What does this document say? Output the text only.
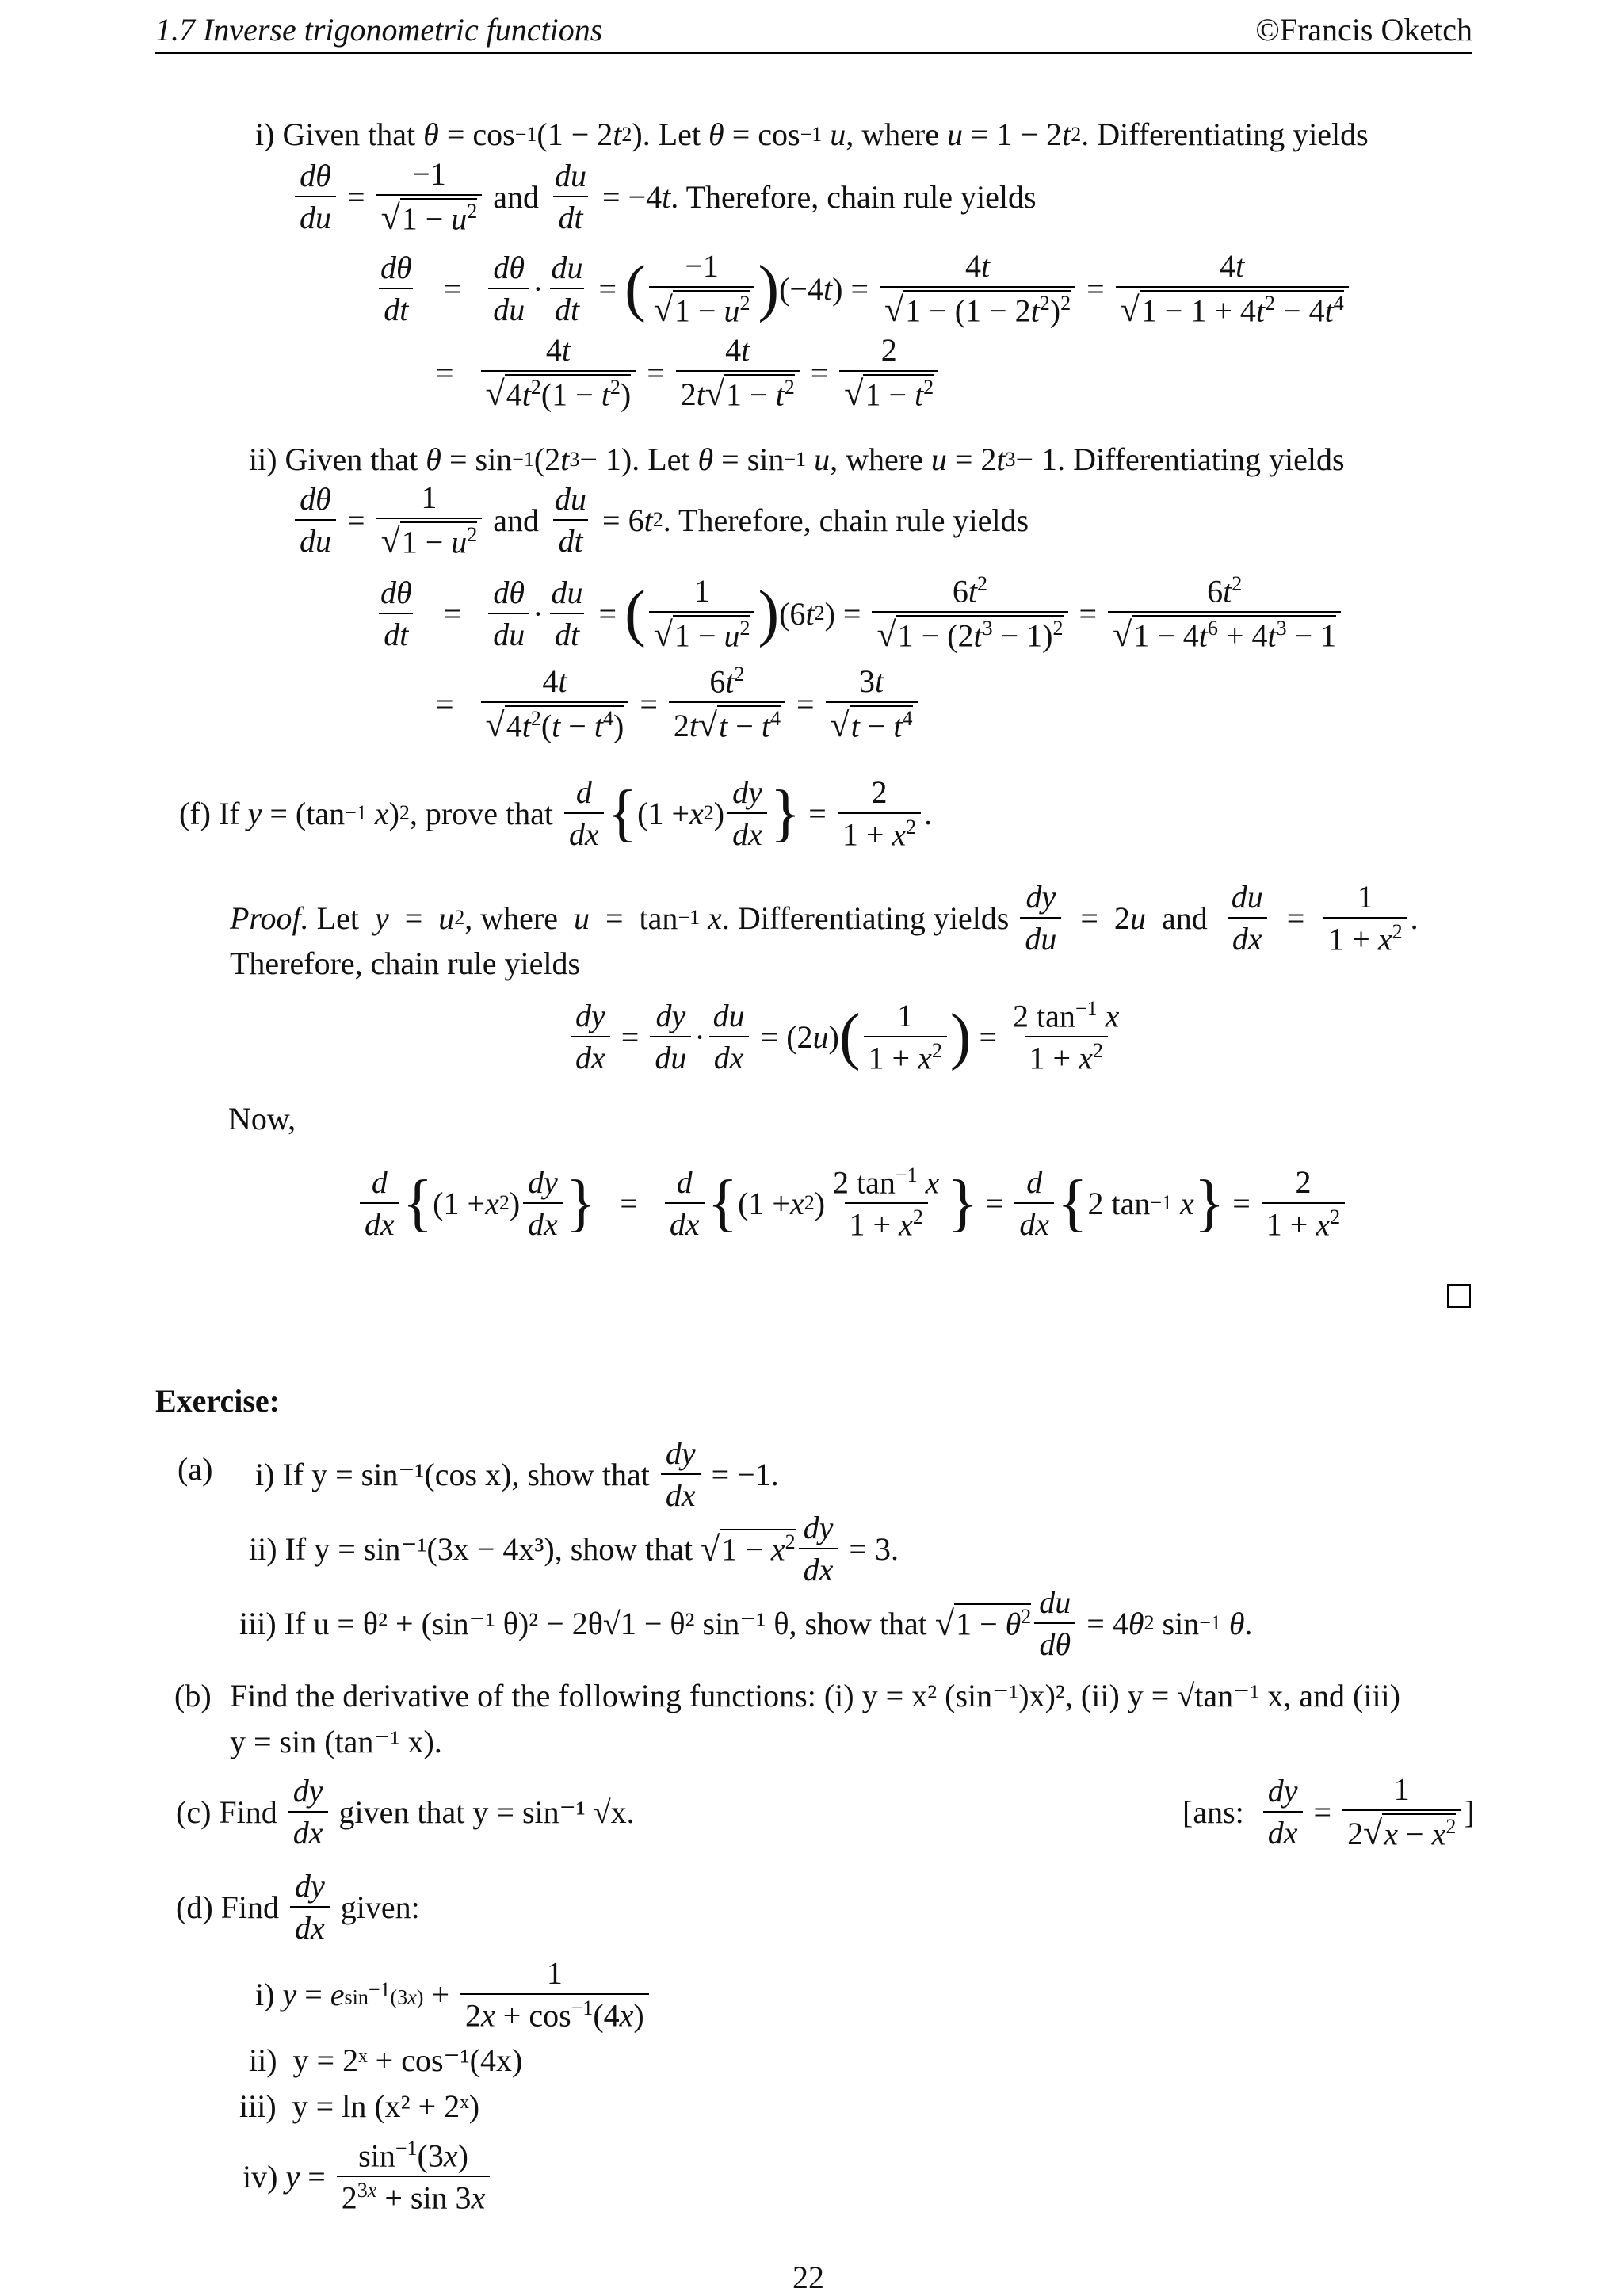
1.7 Inverse trigonometric functions	©Francis Oketch
i)
Given that
θ = cos −1 (1 − 2 t 2 ) . Let
θ = cos −1
u , where
u = 1 − 2 t 2 . Differentiating yields
$\frac{d\theta}{du} = \frac{-1}{√1 - u^2}$
and
$\frac{du}{dt} = -4$ t . Therefore, chain rule yields
$\frac{d\theta}{dt} = \frac{d\theta}{du} \cdot \frac{du}{dt}$ = ( $\frac{-1}{√1 - u^2}$ ) (−4 t ) = $\frac{4t}{√1 - (1 - 2t^2)^2} = \frac{4t}{√1 - 1 + 4t^2 - 4t^4}$
= $\frac{4t}{√4t^2(1 - t^2)} = \frac{4t}{2t√1 - t^2} = \frac{2}{√1 - t^2}$
ii)
Given that
θ = sin −1 (2 t 3 − 1) . Let
θ = sin −1
u , where
u = 2 t 3 − 1 . Differentiating yields
$\frac{d\theta}{du} = \frac{1}{√1 - u^2}$
and
$\frac{du}{dt} = 6$ t 2 . Therefore, chain rule yields
$\frac{d\theta}{dt} = \frac{d\theta}{du} \cdot \frac{du}{dt}$ = ( $\frac{1}{√1 - u^2}$ ) (6 t 2 ) = $\frac{6t^2}{√1 - (2t^3 - 1)^2} = \frac{6t^2}{√1 - 4t^6 + 4t^3 - 1}$
= $\frac{4t}{√4t^2(t - t^4)} = \frac{6t^2}{2t√t - t^4} = \frac{3t}{√t - t^4}$
(f)
If
y = (tan −1
x ) 2 , prove that
$\frac{d}{dx}$ { (1 + x 2 ) $\frac{dy}{dx}$ } = $\frac{2}{1 + x^2}$ .
Proof.
Let
y = u 2 , where
u =  tan −1
x . Differentiating yields
$\frac{dy}{du} = 2$ u
and
$\frac{du}{dx} = \frac{1}{1 + x^2}$ .
Therefore, chain rule yields
$\frac{dy}{dx} = \frac{dy}{du} \cdot \frac{du}{dx} = (2$ u ) ( $\frac{1}{1 + x^2}$ ) = $\frac{2 \tan^{-1} x}{1 + x^2}$
Now,
$\frac{d}{dx}$ { (1 + x 2 ) $\frac{dy}{dx}$ } = $\frac{d}{dx}$ { (1 + x 2 ) $\frac{2 \tan^{-1} x}{1 + x^2}$ } = $\frac{d}{dx}$ { 2 tan −1
x } = $\frac{2}{1 + x^2}$
Exercise:
(a) i)
If y = sin⁻¹(cos x), show that
$\frac{dy}{dx} = -1$.
ii)
If y = sin⁻¹(3x − 4x³), show that
√ $1 - x^2 \frac{dy}{dx} = 3$.
iii)
If u = θ² + (sin⁻¹ θ)² − 2θ√1 − θ² sin⁻¹ θ, show that
√ $1 - \theta^2 \frac{du}{d\theta} = 4$ θ 2 sin −1
θ .
(b) Find the derivative of the following functions: (i) y = x² (sin⁻¹)x)², (ii) y = √tan⁻¹ x, and (iii)
y = sin (tan⁻¹ x).
(c)
Find
$\frac{dy}{dx}$
given that y = sin⁻¹ √x.	[ans:
$\frac{dy}{dx} = \frac{1}{2√x - x^2}$ ]
(d)
Find
$\frac{dy}{dx}$
given:
i)
y = e $\sin^{-1}(3x) + \frac{1}{2x + \cos^{-1}(4x)}$
ii) y = 2ˣ + cos⁻¹(4x)
iii) y = ln (x² + 2ˣ)
iv)
$y = \frac{\sin^{-1}(3x)}{2^{3x} + \sin 3x}$
22
